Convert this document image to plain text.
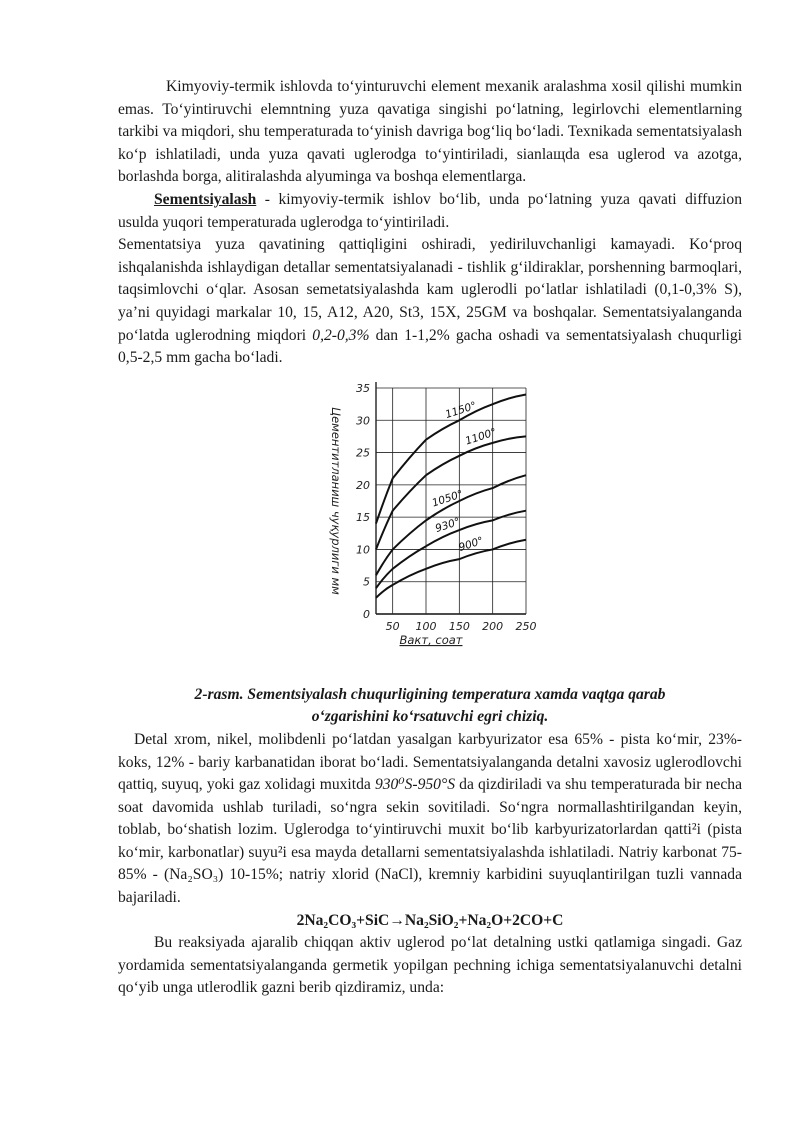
Kimyoviy-termik ishlovda to‘yinturuvchi element mexanik aralashma xosil qilishi mumkin emas. To‘yintiruvchi elemntning yuza qavatiga singishi po‘latning, legirlovchi elementlarning tarkibi va miqdori, shu temperaturada to‘yinish davriga bog‘liq bo‘ladi. Texnikada sementatsiyalash ko‘p ishlatiladi, unda yuza qavati uglerodga to‘yintiriladi, sianlaщda esa uglerod va azotga, borlashda borga, alitiralashda alyuminga va boshqa elementlarga.

Sementsiyalash - kimyoviy-termik ishlov bo‘lib, unda po‘latning yuza qavati diffuzion usulda yuqori temperaturada uglerodga to‘yintiriladi.

Sementatsiya yuza qavatining qattiqligini oshiradi, yediriluvchanligi kamayadi. Ko‘proq ishqalanishda ishlaydigan detallar sementatsiyalanadi - tishlik g‘ildiraklar, porshenning barmoqlari, taqsimlovchi o‘qlar. Asosan semetatsiyalashda kam uglerodli po‘latlar ishlatiladi (0,1-0,3% S), ya’ni quyidagi markalar 10, 15, A12, A20, St3, 15X, 25GM va boshqalar. Sementatsiyalanganda po‘latda uglerodning miqdori 0,2-0,3% dan 1-1,2% gacha oshadi va sementatsiyalash chuqurligi 0,5-2,5 mm gacha bo‘ladi.

0
5
10
15
20
25
30
35
50 100 150 200 250
Вакт, соат
Цементитланиш чуқурлиги мм	1150°
1100°
1050°
930°
900°

2-rasm. Sementsiyalash chuqurligining temperatura xamda vaqtga qarab

o‘zgarishini ko‘rsatuvchi egri chiziq.

Detal xrom, nikel, molibdenli po‘latdan yasalgan karbyurizator esa 65% - pista ko‘mir, 23%- koks, 12% - bariy karbanatidan iborat bo‘ladi. Sementatsiyalanganda detalni xavosiz uglerodlovchi qattiq, suyuq, yoki gaz xolidagi muxitda 930⁰S-950°S da qizdiriladi va shu temperaturada bir necha soat davomida ushlab turiladi, so‘ngra sekin sovitiladi. So‘ngra normallashtirilgandan keyin, toblab, bo‘shatish lozim. Uglerodga to‘yintiruvchi muxit bo‘lib karbyurizatorlardan qatti²i (pista ko‘mir, karbonatlar) suyu²i esa mayda detallarni sementatsiyalashda ishlatiladi. Natriy karbonat 75-85% - (Na₂SO₃) 10-15%; natriy xlorid (NaCl), kremniy karbidini suyuqlantirilgan tuzli vannada bajariladi.

2Na₂CO₃+SiC→Na₂SiO₂+Na₂O+2CO+C

Bu reaksiyada ajaralib chiqqan aktiv uglerod po‘lat detalning ustki qatlamiga singadi. Gaz yordamida sementatsiyalanganda germetik yopilgan pechning ichiga sementatsiyalanuvchi detalni qo‘yib unga utlerodlik gazni berib qizdiramiz, unda:
